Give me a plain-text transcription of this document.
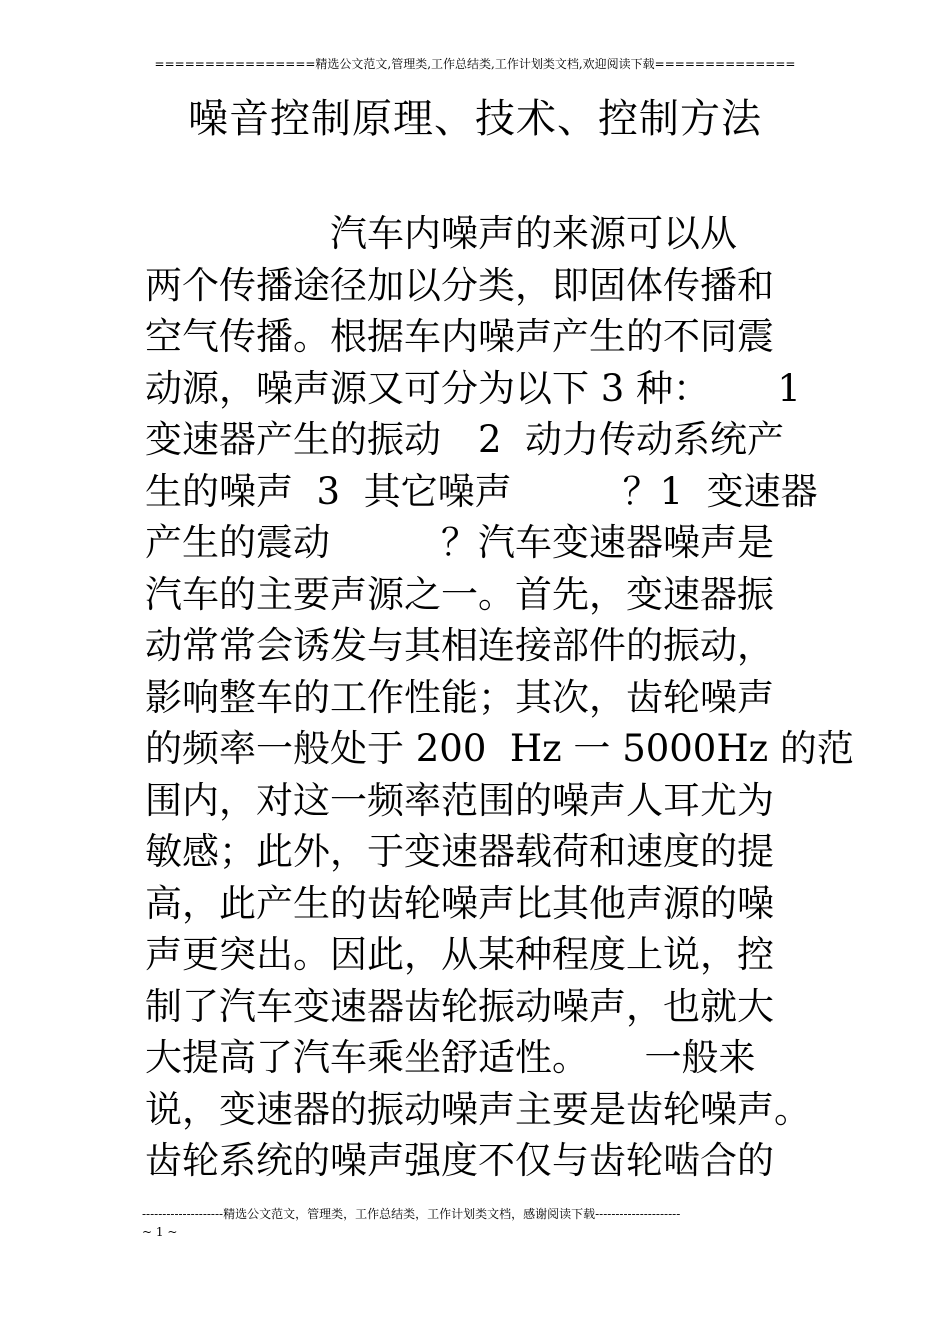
================精选公文范文,管理类,工作总结类,工作计划类文档,欢迎阅读下载==============
噪音控制原理、技术、控制方法
　　　　　汽车内噪声的来源可以从
两个传播途径加以分类，即固体传播和
空气传播。根据车内噪声产生的不同震
动源，噪声源又可分为以下 3 种：　　 1
变速器产生的振动　2  动力传动系统产
生的噪声  3  其它噪声　　　？1  变速器
产生的震动　　　？汽车变速器噪声是
汽车的主要声源之一。首先，变速器振
动常常会诱发与其相连接部件的振动，
影响整车的工作性能；其次，齿轮噪声
的频率一般处于 200  Hz 一 5000Hz 的范
围内，对这一频率范围的噪声人耳尤为
敏感；此外，于变速器载荷和速度的提
高，此产生的齿轮噪声比其他声源的噪
声更突出。因此，从某种程度上说，控
制了汽车变速器齿轮振动噪声，也就大
大提高了汽车乘坐舒适性。　　一般来
说，变速器的振动噪声主要是齿轮噪声。
齿轮系统的噪声强度不仅与齿轮啮合的
--------------------精选公文范文，管理类，工作总结类，工作计划类文档，感谢阅读下载---------------------
~ 1 ~
